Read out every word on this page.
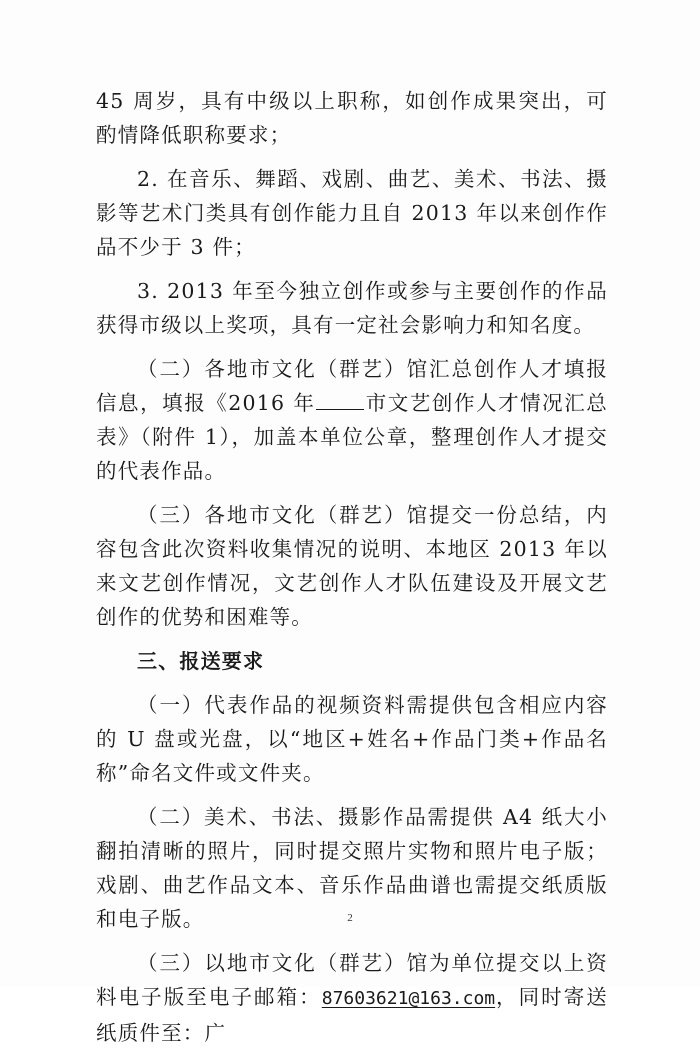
45 周岁，具有中级以上职称，如创作成果突出，可酌情降低职称要求；

2. 在音乐、舞蹈、戏剧、曲艺、美术、书法、摄影等艺术门类具有创作能力且自 2013 年以来创作作品不少于 3 件；

3. 2013 年至今独立创作或参与主要创作的作品获得市级以上奖项，具有一定社会影响力和知名度。

（二）各地市文化（群艺）馆汇总创作人才填报信息，填报《2016 年 市文艺创作人才情况汇总表》（附件 1），加盖本单位公章，整理创作人才提交的代表作品。

（三）各地市文化（群艺）馆提交一份总结，内容包含此次资料收集情况的说明、本地区 2013 年以来文艺创作情况，文艺创作人才队伍建设及开展文艺创作的优势和困难等。

三、报送要求

（一）代表作品的视频资料需提供包含相应内容的 U 盘或光盘，以“地区+姓名+作品门类+作品名称”命名文件或文件夹。

（二）美术、书法、摄影作品需提供 A4 纸大小翻拍清晰的照片，同时提交照片实物和照片电子版；戏剧、曲艺作品文本、音乐作品曲谱也需提交纸质版和电子版。

（三）以地市文化（群艺）馆为单位提交以上资料电子版至电子邮箱：87603621@163.com，同时寄送纸质件至：广

2
